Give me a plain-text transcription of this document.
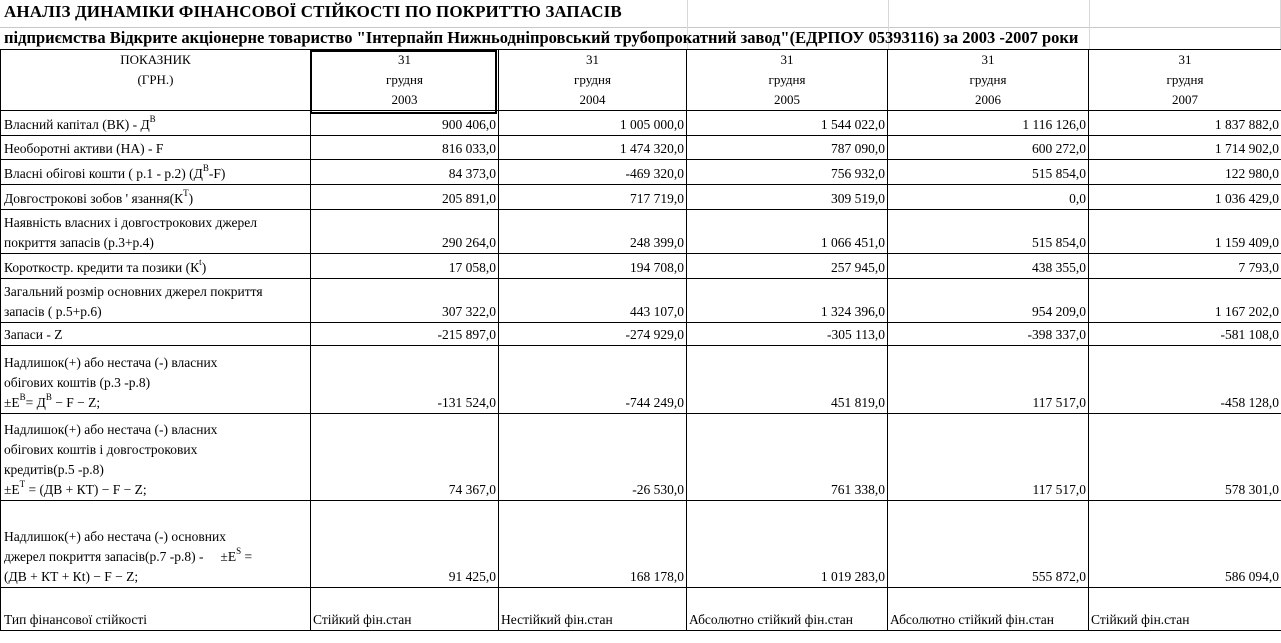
АНАЛІЗ ДИНАМІКИ ФІНАНСОВОЇ СТІЙКОСТІ ПО ПОКРИТТЮ ЗАПАСІВ
підприємства Відкрите акціонерне товариство "Інтерпайп Нижньодніпровський трубопрокатний завод"(ЕДРПОУ 05393116) за 2003 -2007 роки
ПОКАЗНИК	31	31	31	31	31
(ГРН.)	грудня	грудня	грудня	грудня	грудня
	2003	2004	2005	2006	2007
Власний капітал $(ВК) - Д^В$	900 406,0	1 005 000,0	1 544 022,0	1 116 126,0	1 837 882,0
Необоротні активи (НА) - F	816 033,0	1 474 320,0	787 090,0	600 272,0	1 714 902,0
Власні обігові кошти ( р.1 - р.2) $(Д^В-F)$	84 373,0	-469 320,0	756 932,0	515 854,0	122 980,0
Довгострокові зобов ' $язання(К^Т)$	205 891,0	717 719,0	309 519,0	0,0	1 036 429,0

Наявність власних і довгострокових джерел
покриття запасів (р.3+р.4)	290 264,0	248 399,0	1 066 451,0	515 854,0	1 159 409,0
Короткостр. кредити та позики $(К^t)$	17 058,0	194 708,0	257 945,0	438 355,0	7 793,0

Загальний розмір основних джерел покриття
запасів ( р.5+р.6)	307 322,0	443 107,0	1 324 396,0	954 209,0	1 167 202,0
Запаси - Z	-215 897,0	-274 929,0	-305 113,0	-398 337,0	-581 108,0

Надлишок(+) або нестача (-) власних
обігових коштів (р.3 -р.8)
$\pm Е^В= Д^В - F - Z$;	-131 524,0	-744 249,0	451 819,0	117 517,0	-458 128,0

Надлишок(+) або нестача (-) власних
обігових коштів і довгострокових
кредитів(р.5 -р.8)
$\pm Е^Т = (ДВ + КТ) - F - Z$;	74 367,0	-26 530,0	761 338,0	117 517,0	578 301,0

Надлишок(+) або нестача (-) основних
джерел покриття запасів(р.7 $-р.8) - \pm Е^S$ =
(ДВ + КТ + Кt) − F − Z;	91 425,0	168 178,0	1 019 283,0	555 872,0	586 094,0
Тип фінансової стійкості	Стійкий фін.стан	Нестійкий фін.стан	Абсолютно стійкий фін.стан	Абсолютно стійкий фін.стан	Стійкий фін.стан
